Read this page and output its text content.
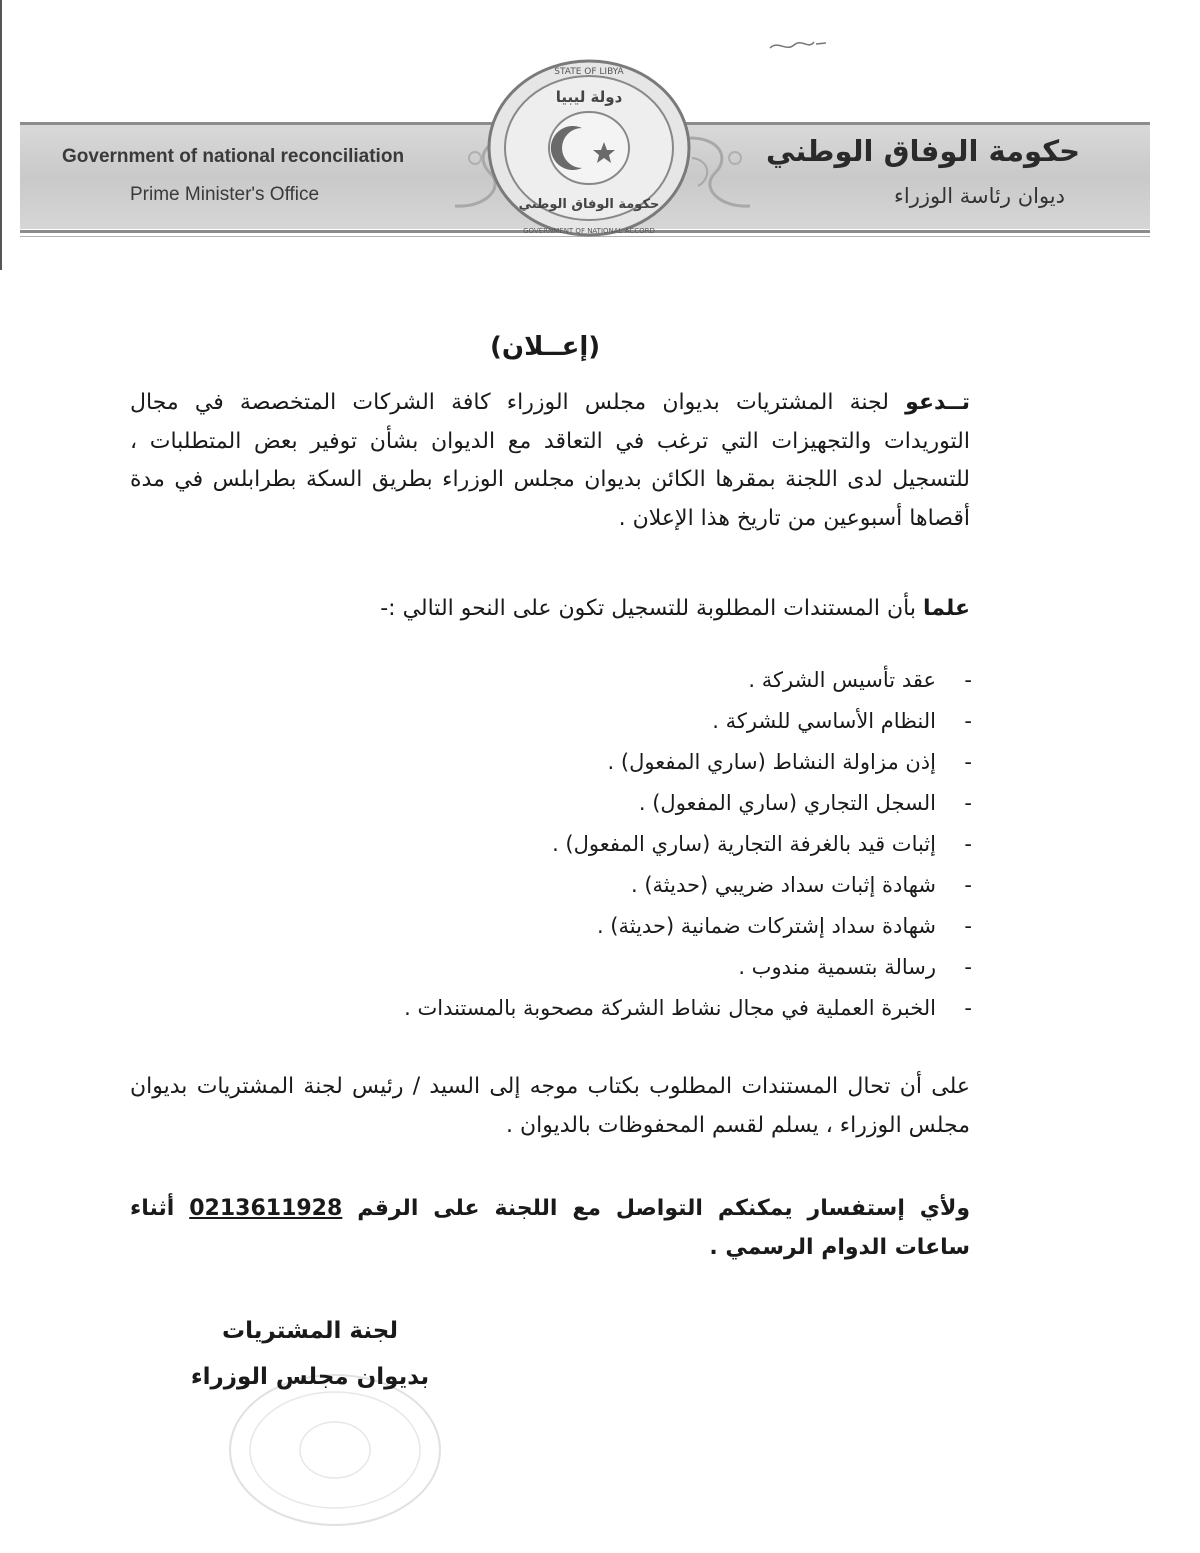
Government of national reconciliation
Prime Minister's Office
حكومة الوفاق الوطني
ديوان رئاسة الوزراء
STATE OF LIBYA
دولة ليبيا
حكومة الوفاق الوطني
GOVERNMENT OF NATIONAL ACCORD
(إعــلان)
تــدعو لجنة المشتريات بديوان مجلس الوزراء كافة الشركات المتخصصة في مجال التوريدات والتجهيزات التي ترغب في التعاقد مع الديوان بشأن توفير بعض المتطلبات ، للتسجيل لدى اللجنة بمقرها الكائن بديوان مجلس الوزراء بطريق السكة بطرابلس في مدة أقصاها أسبوعين من تاريخ هذا الإعلان .
علما بأن المستندات المطلوبة للتسجيل تكون على النحو التالي :-
-
عقد تأسيس الشركة .
-
النظام الأساسي للشركة .
-
إذن مزاولة النشاط (ساري المفعول) .
-
السجل التجاري (ساري المفعول) .
-
إثبات قيد بالغرفة التجارية (ساري المفعول) .
-
شهادة إثبات سداد ضريبي (حديثة) .
-
شهادة سداد إشتركات ضمانية (حديثة) .
-
رسالة بتسمية مندوب .
-
الخبرة العملية في مجال نشاط الشركة مصحوبة بالمستندات .
على أن تحال المستندات المطلوب بكتاب موجه إلى السيد / رئيس لجنة المشتريات بديوان مجلس الوزراء ، يسلم لقسم المحفوظات بالديوان .
ولأي إستفسار يمكنكم التواصل مع اللجنة على الرقم 0213611928 أثناء ساعات الدوام الرسمي .
لجنة المشتريات
بديوان مجلس الوزراء
